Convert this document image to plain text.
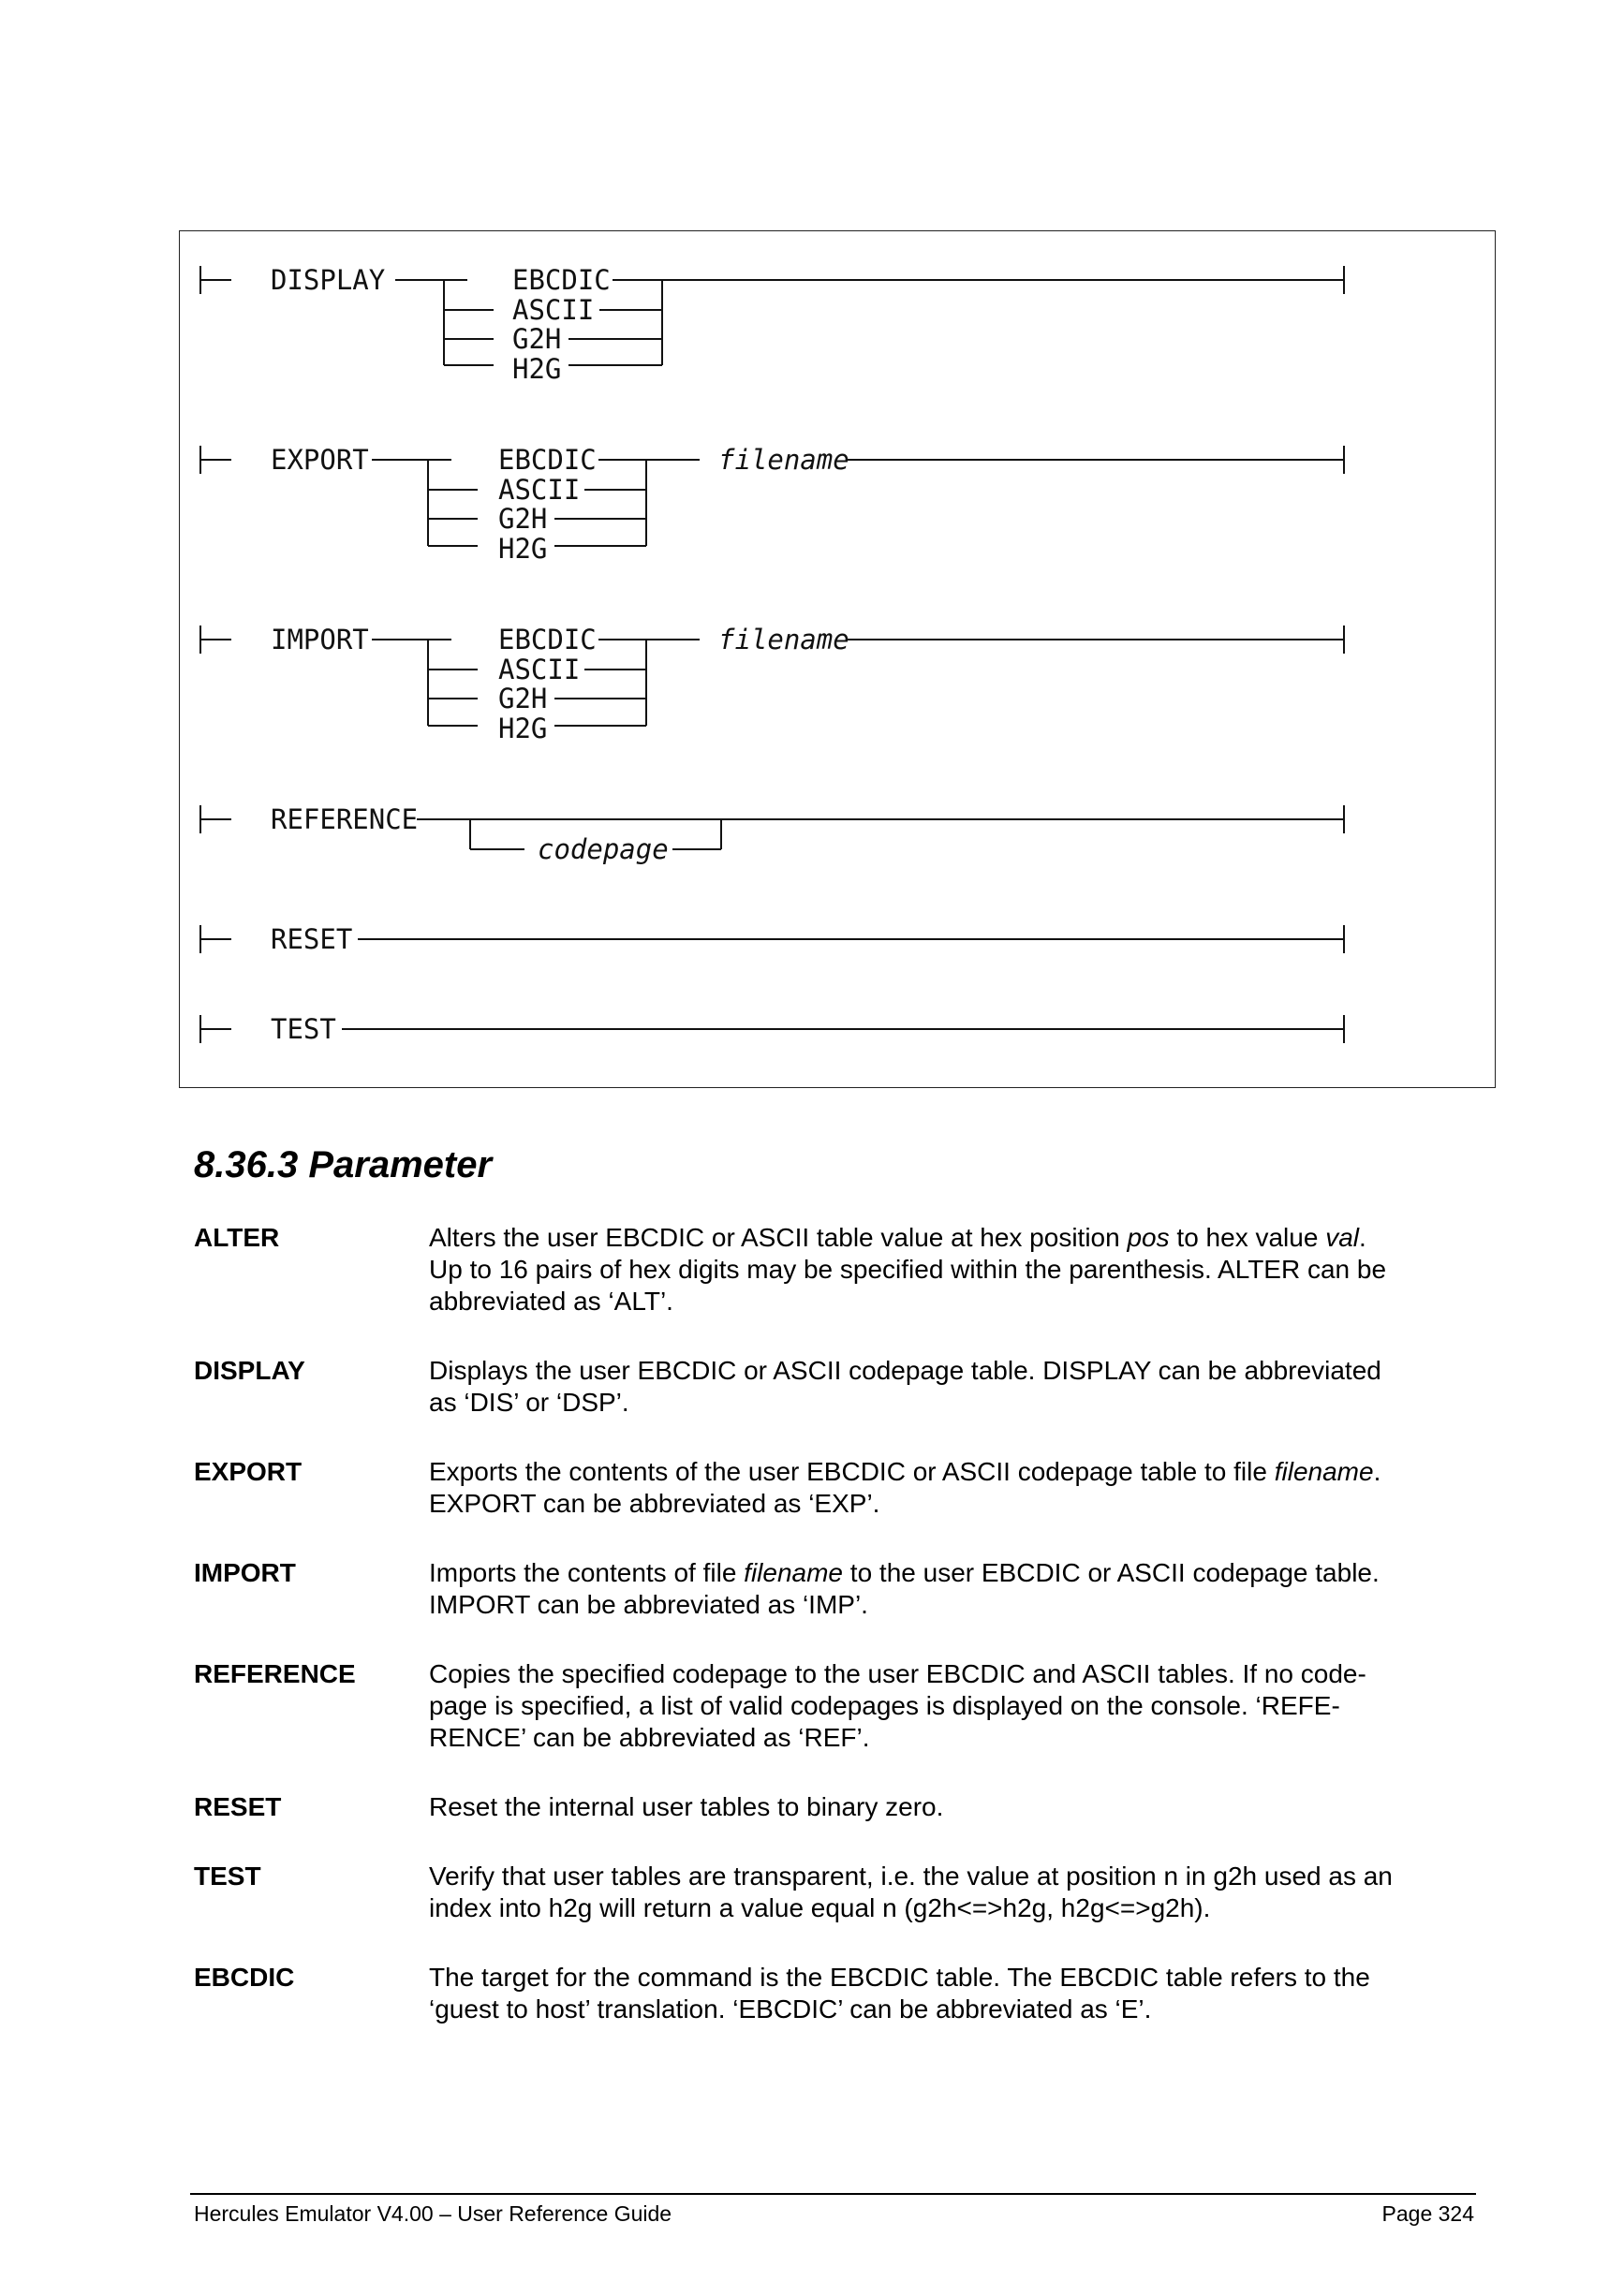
DISPLAY	EBCDIC
ASCII
G2H
H2G
EXPORT	EBCDIC
ASCII
G2H
H2G
filename
IMPORT	EBCDIC
ASCII
G2H
H2G
filename
REFERENCE
codepage
RESET
TEST
8.36.3 Parameter
ALTER	Alters the user EBCDIC or ASCII table value at hex position pos to hex value val.
Up to 16 pairs of hex digits may be specified within the parenthesis. ALTER can be
abbreviated as ‘ALT’.
DISPLAY	Displays the user EBCDIC or ASCII codepage table. DISPLAY can be abbreviated
as ‘DIS’ or ‘DSP’.
EXPORT	Exports the contents of the user EBCDIC or ASCII codepage table to file filename.
EXPORT can be abbreviated as ‘EXP’.
IMPORT	Imports the contents of file filename to the user EBCDIC or ASCII codepage table.
IMPORT can be abbreviated as ‘IMP’.
REFERENCE	Copies the specified codepage to the user EBCDIC and ASCII tables. If no code-
page is specified, a list of valid codepages is displayed on the console. ‘REFE-
RENCE’ can be abbreviated as ‘REF’.
RESET	Reset the internal user tables to binary zero.
TEST	Verify that user tables are transparent, i.e. the value at position n in g2h used as an
index into h2g will return a value equal n (g2h<=>h2g, h2g<=>g2h).
EBCDIC	The target for the command is the EBCDIC table. The EBCDIC table refers to the
‘guest to host’ translation. ‘EBCDIC’ can be abbreviated as ‘E’.
Hercules Emulator V4.00 – User Reference Guide	Page 324
